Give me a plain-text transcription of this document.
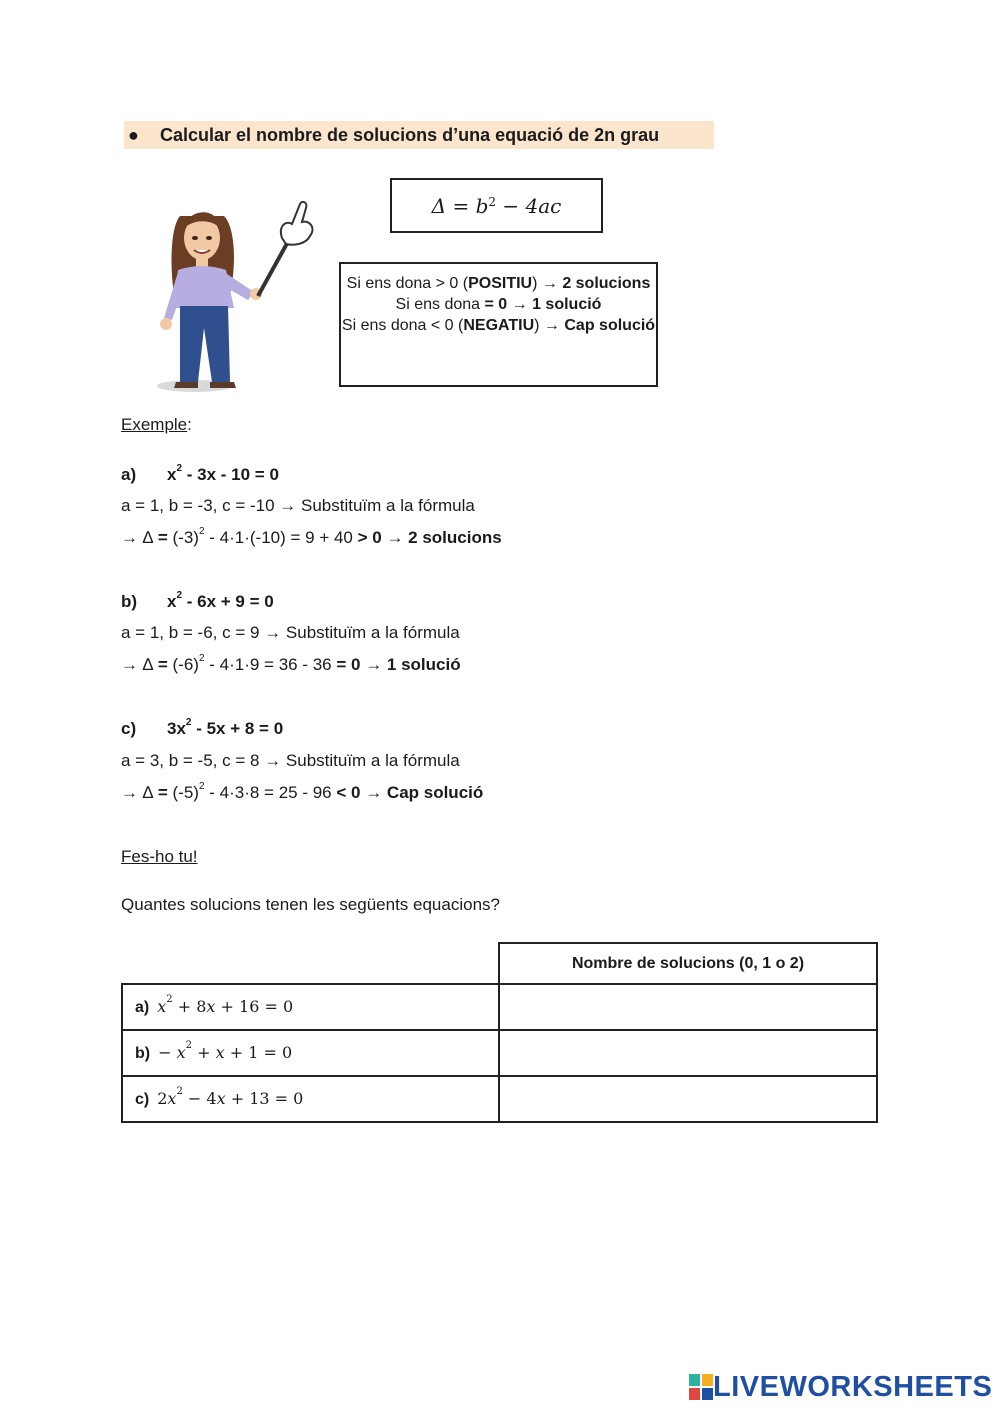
● Calcular el nombre de solucions d’una equació de 2n grau
Δ
=
$b^2$
− 4ac
Si ens dona > 0 (POSITIU) → 2 solucions
Si ens dona = 0 → 1 solució
Si ens dona < 0 (NEGATIU) → Cap solució
Exemple:
a) $x^2 - 3x - 10 = 0$
a = 1, b = -3, c = -10 → Substituïm a la fórmula
→ ∆ = $(-3)^2 - 4\cdot 1\cdot(-10) = 9 + 40 > 0 \to 2$ solucions
b) $x^2 - 6x + 9 = 0$
a = 1, b = -6, c = 9 → Substituïm a la fórmula
→ ∆ = $(-6)^2 - 4\cdot 1\cdot 9 = 36 - 36 = 0 \to 1$ solució
c) $3x^2 - 5x + 8 = 0$
a = 3, b = -5, c = 8 → Substituïm a la fórmula
→ ∆ = $(-5)^2 - 4\cdot 3\cdot 8 = 25 - 96 < 0$ → Cap solució
Fes-ho tu!
Quantes solucions tenen les següents equacions?
	Nombre de solucions (0, 1 o 2)
a) $x^2 + 8x + 16 = 0$	
$b) - x^2 + x + 1 = 0$	
c) $2x^2 - 4x + 13 = 0$	
LIVEWORKSHEETS
